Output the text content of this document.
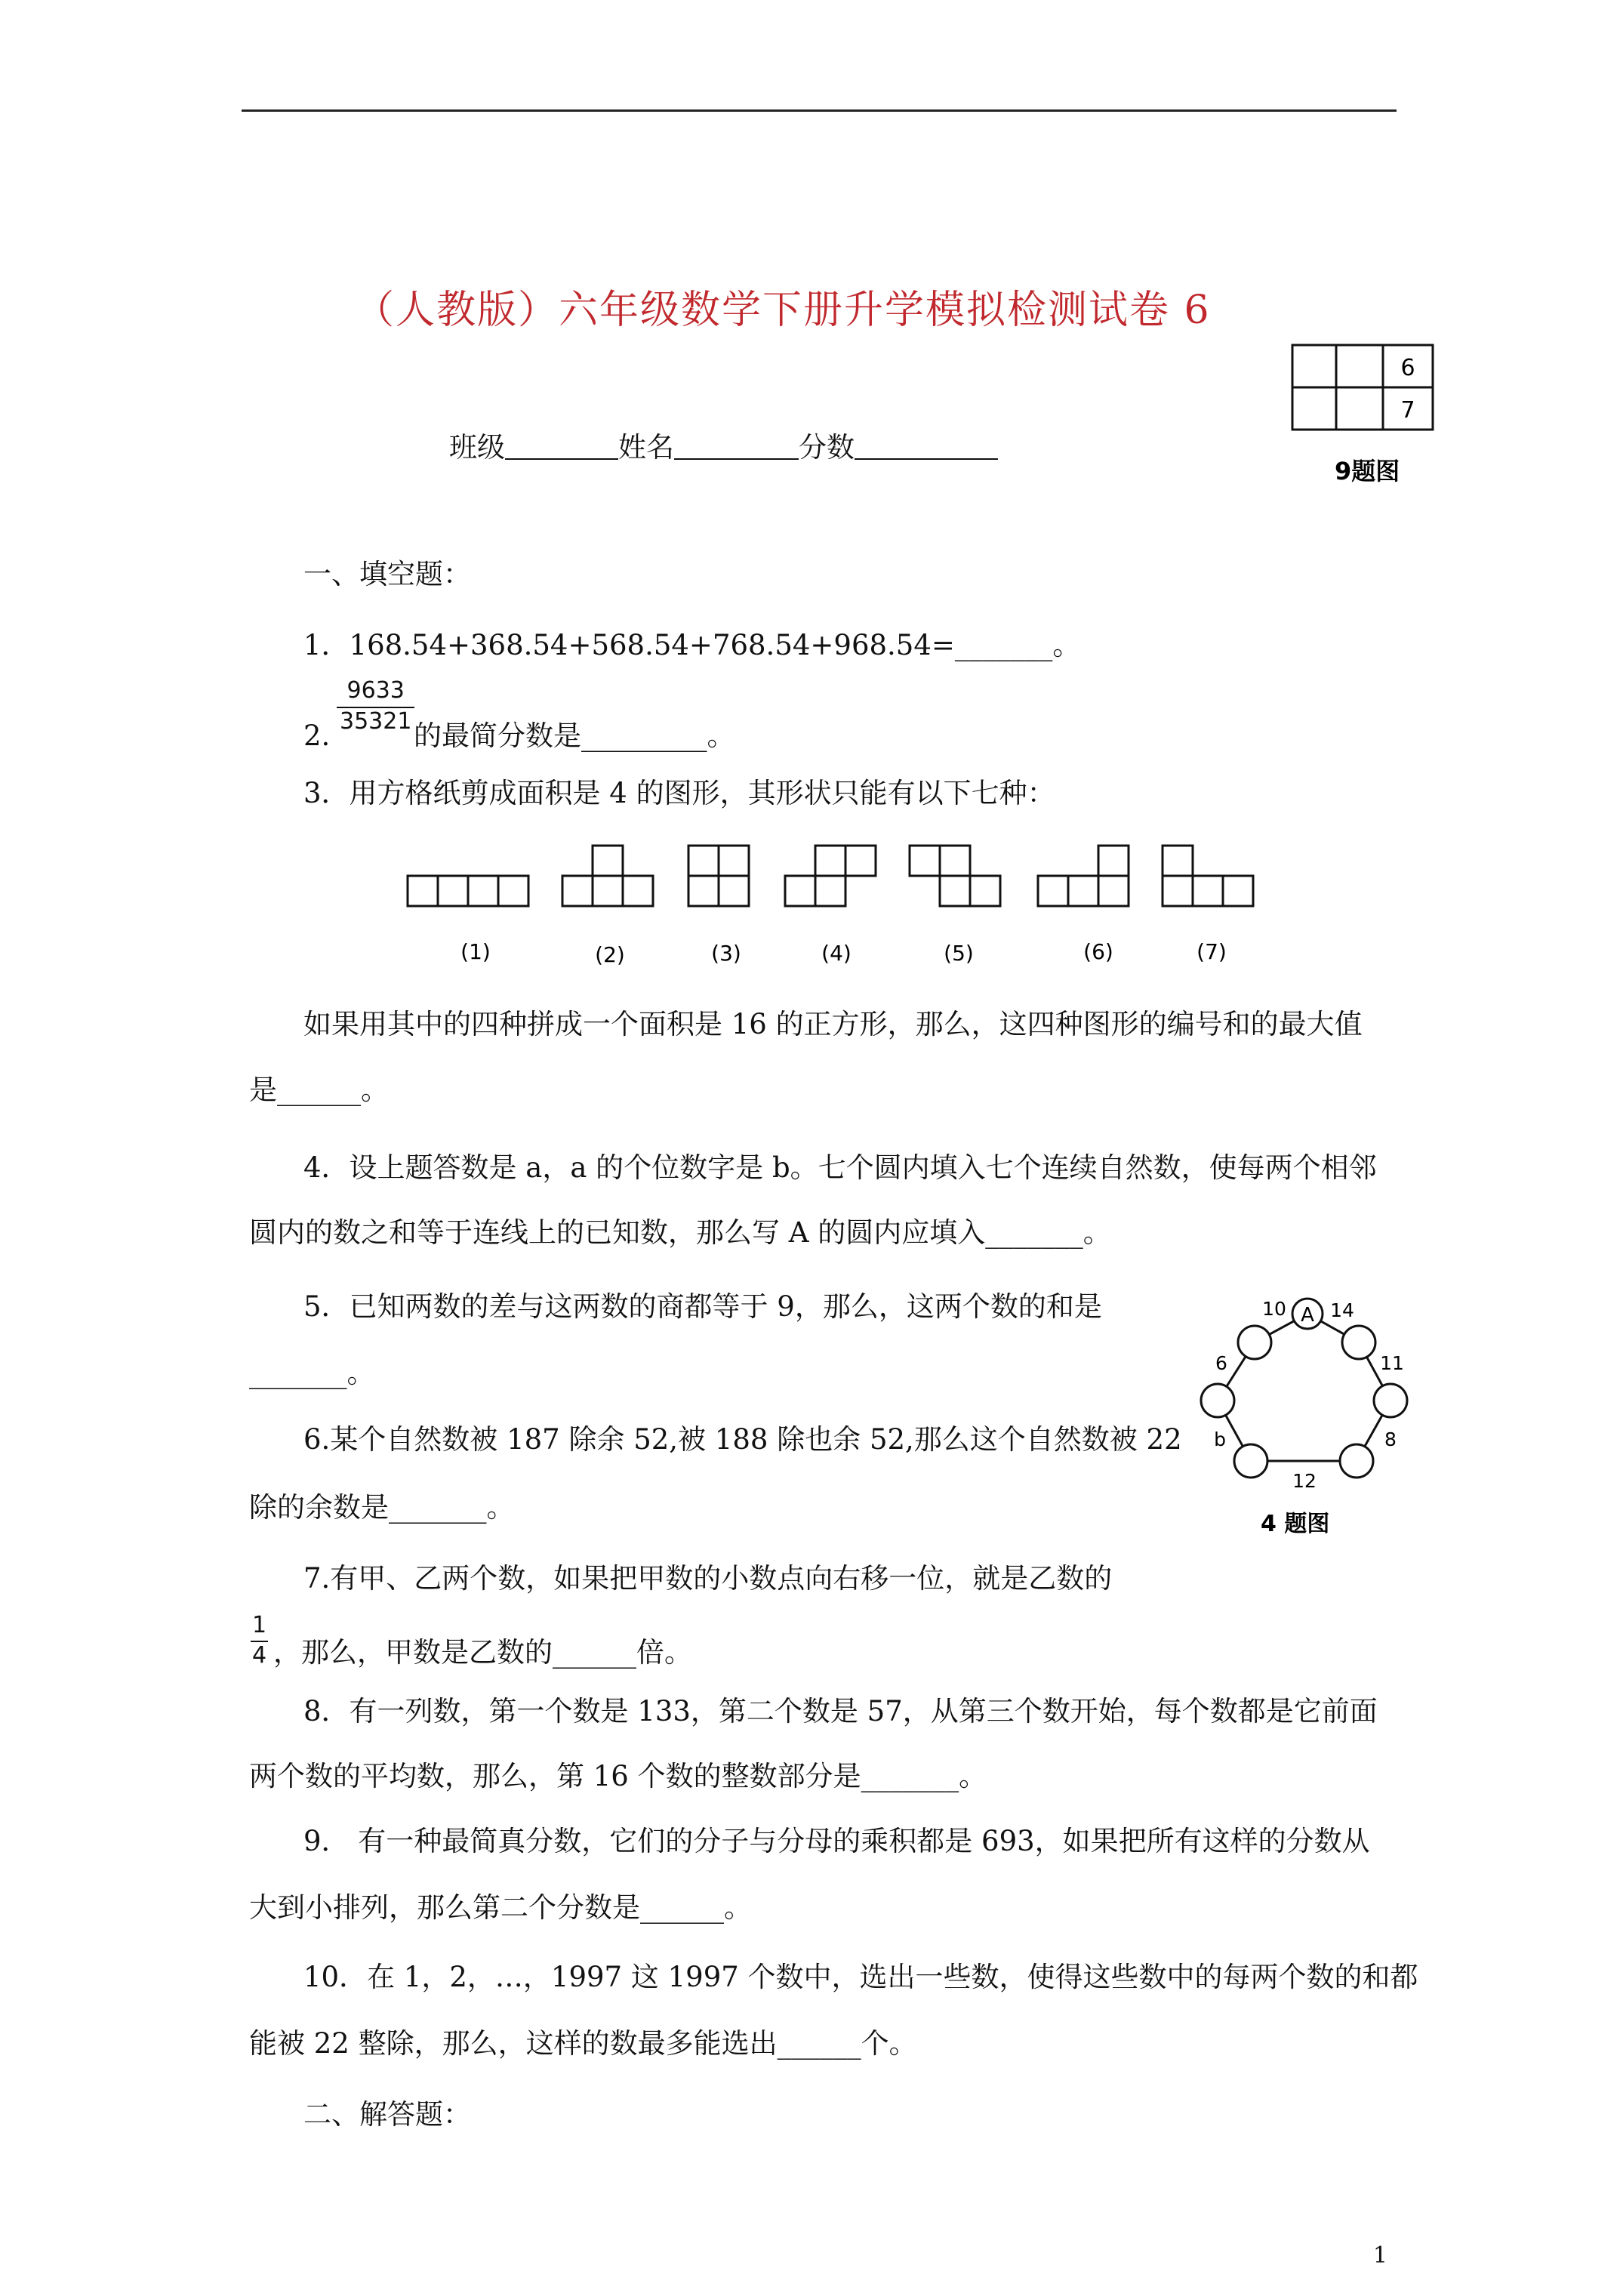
（人教版）六年级数学下册升学模拟检测试卷 6
班级	姓名	分数
6
7
9题图
一、填空题：
1．168.54+368.54+568.54+768.54+968.54=_______。
2.
9633
35321 的最简分数是_________。
3．用方格纸剪成面积是 4 的图形，其形状只能有以下七种：
(1)	(2)	(3)	(4)	(5)	(6)	(7)
如果用其中的四种拼成一个面积是 16 的正方形，那么，这四种图形的编号和的最大值
是______。
4．设上题答数是 a，a 的个位数字是 b。七个圆内填入七个连续自然数，使每两个相邻
圆内的数之和等于连线上的已知数，那么写 A 的圆内应填入_______。
A
10 14
6	11
b	8
12
4 题图
5．已知两数的差与这两数的商都等于 9，那么，这两个数的和是
_______。
6.某个自然数被 187 除余 52,被 188 除也余 52,那么这个自然数被 22
除的余数是_______。
7.有甲、乙两个数，如果把甲数的小数点向右移一位，就是乙数的
1
4 ，那么，甲数是乙数的______倍。
8．有一列数，第一个数是 133，第二个数是 57，从第三个数开始，每个数都是它前面
两个数的平均数，那么，第 16 个数的整数部分是_______。
9． 有一种最简真分数，它们的分子与分母的乘积都是 693，如果把所有这样的分数从
大到小排列，那么第二个分数是______。
10．在 1，2，…，1997 这 1997 个数中，选出一些数，使得这些数中的每两个数的和都
能被 22 整除，那么，这样的数最多能选出______个。
二、解答题：
1
